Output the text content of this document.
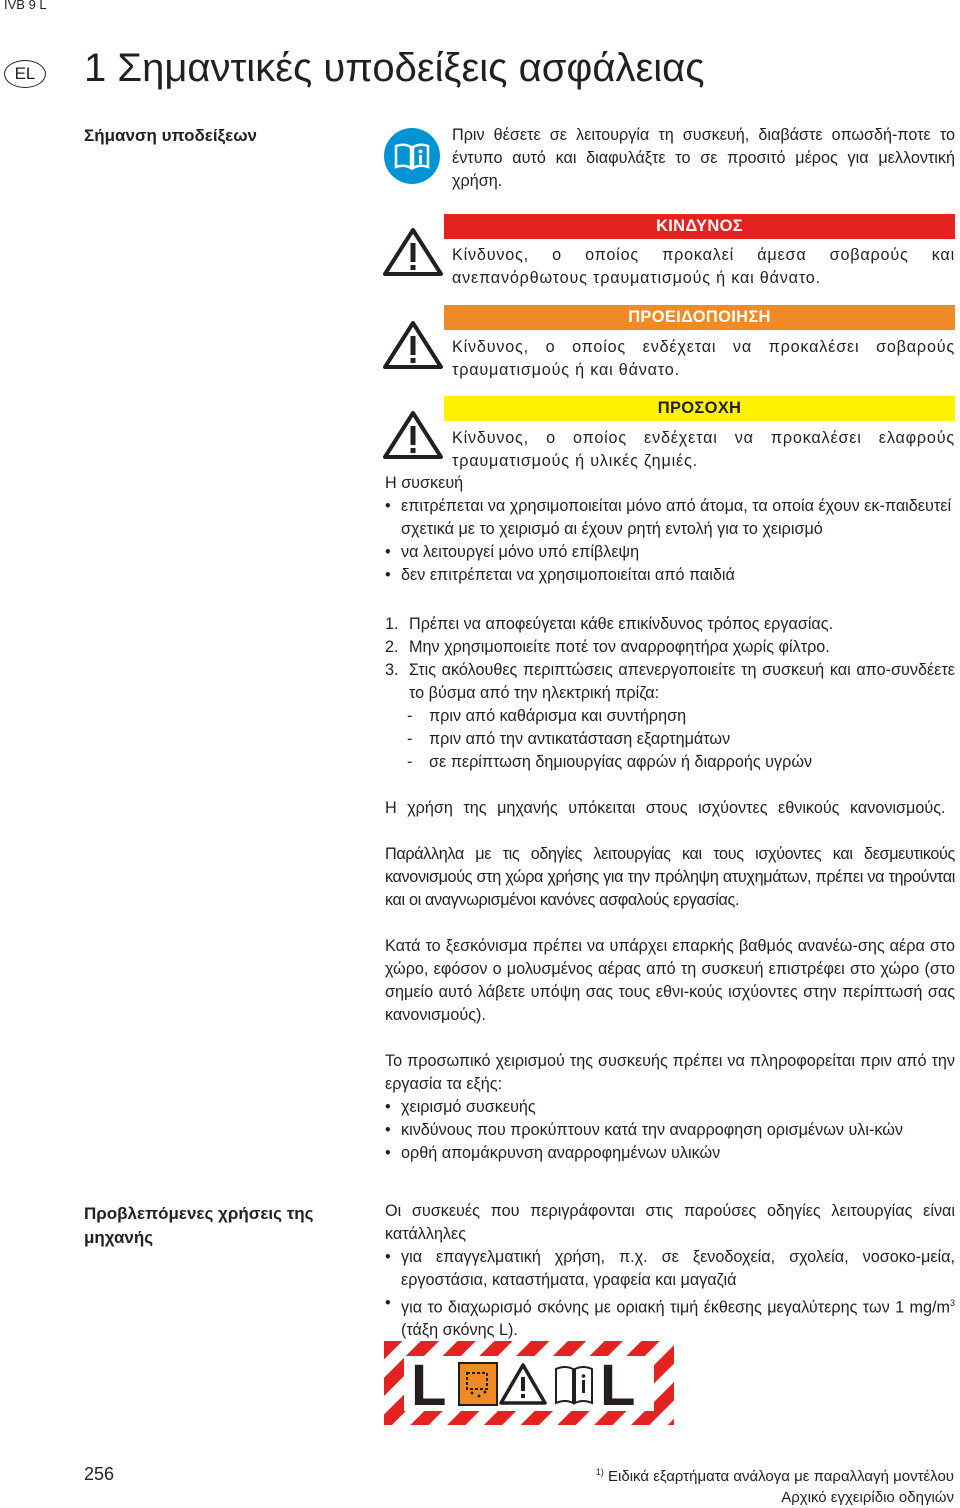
IVB 9 L
EL 1 Σημαντικές υποδείξεις ασφάλειας
Σήμανση υποδείξεων	Πριν θέσετε σε λειτουργία τη συσκευή, διαβάστε οπωσδή-ποτε το έντυπο αυτό και διαφυλάξτε το σε προσιτό μέρος για μελλοντική χρήση.
ΚΙΝΔΥΝΟΣ
Κίνδυνος, ο οποίος προκαλεί άμεσα σοβαρούς και ανεπανόρθωτους τραυματισμούς ή και θάνατο.
ΠΡΟΕΙΔΟΠΟΙΗΣΗ
Κίνδυνος, ο οποίος ενδέχεται να προκαλέσει σοβαρούς τραυματισμούς ή και θάνατο.
ΠΡΟΣΟΧΗ
Κίνδυνος, ο οποίος ενδέχεται να προκαλέσει ελαφρούς τραυματισμούς ή υλικές ζημιές.
Η συσκευή
• επιτρέπεται να χρησιμοποιείται μόνο από άτομα, τα οποία έχουν εκ-παιδευτεί σχετικά με το χειρισμό αι έχουν ρητή εντολή για το χειρισμό
• να λειτουργεί μόνο υπό επίβλεψη
• δεν επιτρέπεται να χρησιμοποιείται από παιδιά
1. Πρέπει να αποφεύγεται κάθε επικίνδυνος τρόπος εργασίας.
2. Μην χρησιμοποιείτε ποτέ τον αναρροφητήρα χωρίς φίλτρο.
3. Στις ακόλουθες περιπτώσεις απενεργοποιείτε τη συσκευή και απο-συνδέετε το βύσμα από την ηλεκτρική πρίζα:
- πριν από καθάρισμα και συντήρηση
- πριν από την αντικατάσταση εξαρτημάτων
- σε περίπτωση δημιουργίας αφρών ή διαρροής υγρών
Η χρήση της μηχανής υπόκειται στους ισχύοντες εθνικούς κανονισμούς.
Παράλληλα με τις οδηγίες λειτουργίας και τους ισχύοντες και δεσμευτικούς κανονισμούς στη χώρα χρήσης για την πρόληψη ατυχημάτων, πρέπει να τηρούνται και οι αναγνωρισμένοι κανόνες ασφαλούς εργασίας.
Κατά το ξεσκόνισμα πρέπει να υπάρχει επαρκής βαθμός ανανέω-σης αέρα στο χώρο, εφόσον ο μολυσμένος αέρας από τη συσκευή επιστρέφει στο χώρο (στο σημείο αυτό λάβετε υπόψη σας τους εθνι-κούς ισχύοντες στην περίπτωσή σας κανονισμούς).
Το προσωπικό χειρισμού της συσκευής πρέπει να πληροφορείται πριν από την εργασία τα εξής:
• χειρισμό συσκευής
• κινδύνους που προκύπτουν κατά την αναρροφηση ορισμένων υλι-κών
• ορθή απομάκρυνση αναρροφημένων υλικών
Προβλεπόμενες χρήσεις της μηχανής
Οι συσκευές που περιγράφονται στις παρούσες οδηγίες λειτουργίας είναι κατάλληλες
• για επαγγελματική χρήση, π.χ. σε ξενοδοχεία, σχολεία, νοσοκο-μεία, εργοστάσια, καταστήματα, γραφεία και μαγαζιά
• για το διαχωρισμό σκόνης με οριακή τιμή έκθεσης μεγαλύτερης των 1 $mg/m^3$ (τάξη σκόνης L).
L	L
256	$^{1)}$ Ειδικά εξαρτήματα ανάλογα με παραλλαγή μοντέλου
Αρχικό εγχειρίδιο οδηγιών
